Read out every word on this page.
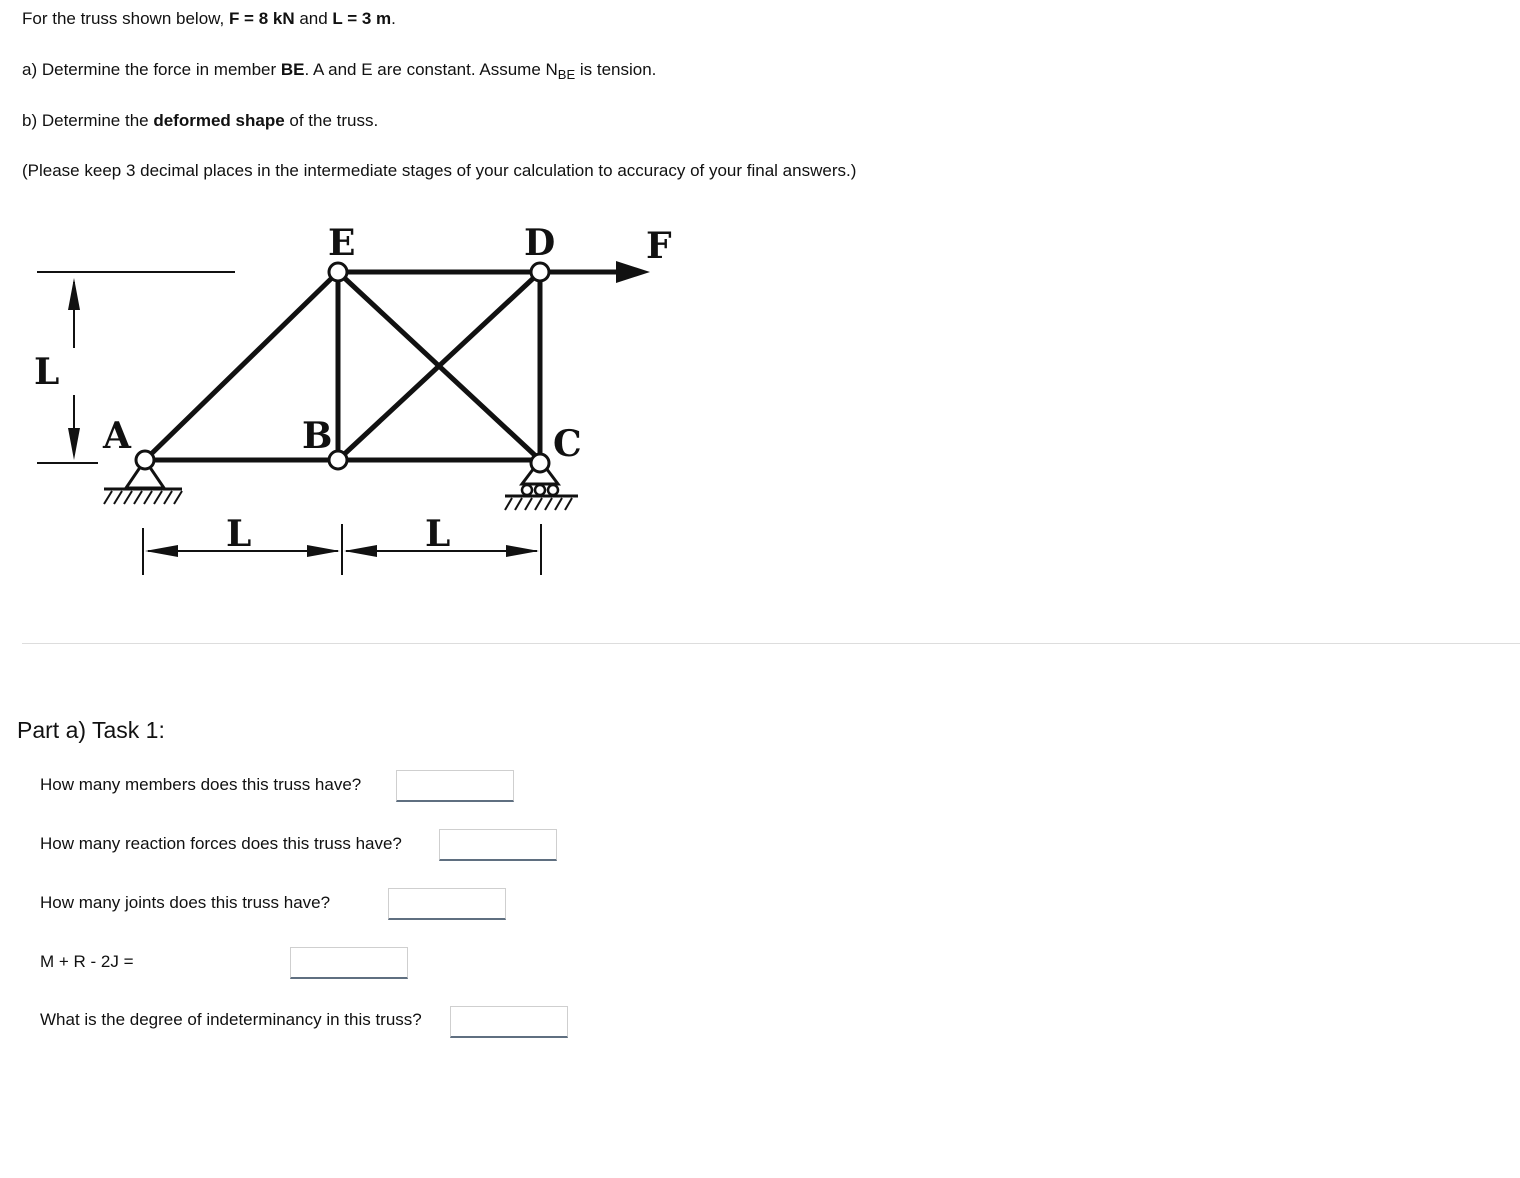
For the truss shown below, F = 8 kN and L = 3 m.
a) Determine the force in member BE. A and E are constant. Assume $N_{BE}$ is tension.
b) Determine the deformed shape of the truss.
(Please keep 3 decimal places in the intermediate stages of your calculation to accuracy of your final answers.)
L
E	D	F
A	B	C
L	L
Part a) Task 1:
How many members does this truss have?
How many reaction forces does this truss have?
How many joints does this truss have?
M + R - 2J =
What is the degree of indeterminancy in this truss?
